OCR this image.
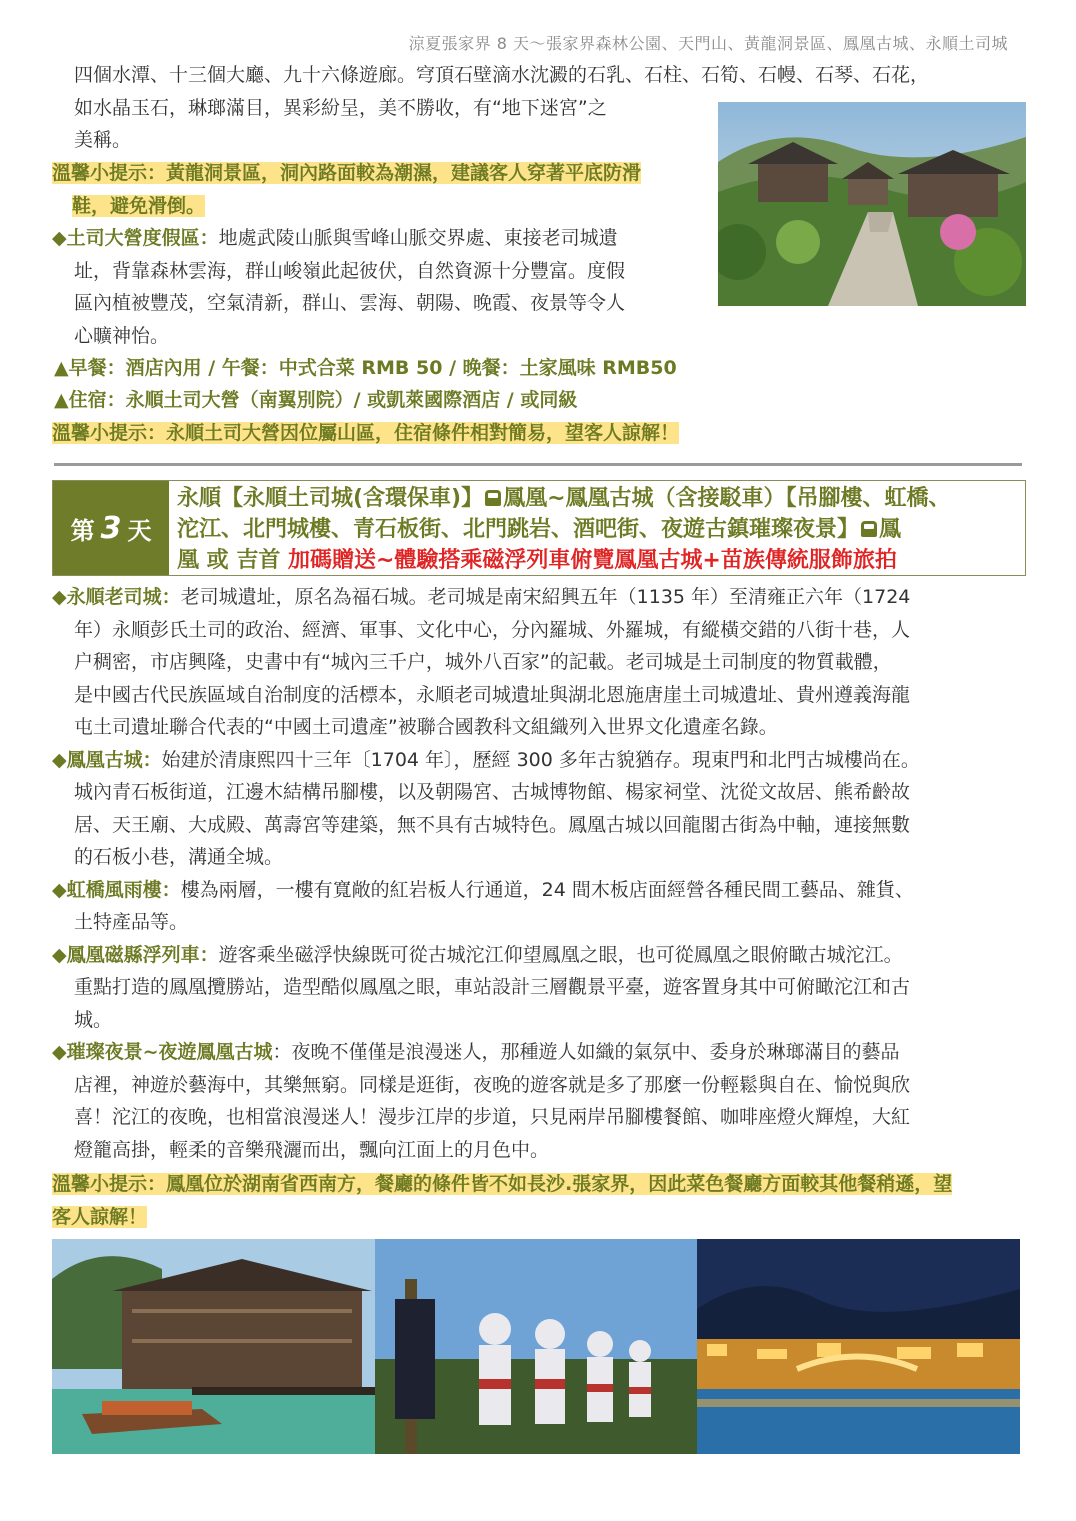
涼夏張家界 8 天～張家界森林公園、天門山、黃龍洞景區、鳳凰古城、永順土司城
四個水潭、十三個大廳、九十六條遊廊。穹頂石壁滴水沈澱的石乳、石柱、石筍、石幔、石琴、石花，
如水晶玉石，琳瑯滿目，異彩紛呈，美不勝收，有“地下迷宮”之
美稱。
溫馨小提示：黃龍洞景區，洞內路面較為潮濕，建議客人穿著平底防滑
鞋，避免滑倒。
◆土司大營度假區：地處武陵山脈與雪峰山脈交界處、東接老司城遺
址，背靠森林雲海，群山峻嶺此起彼伏，自然資源十分豐富。度假
區內植被豐茂，空氣清新，群山、雲海、朝陽、晚霞、夜景等令人
心曠神怡。
▲早餐：酒店內用 / 午餐：中式合菜 RMB 50 / 晚餐：土家風味 RMB50
▲住宿：永順土司大營（南翼別院）/ 或凱萊國際酒店 / 或同級
溫馨小提示：永順土司大營因位屬山區，住宿條件相對簡易，望客人諒解！
第 3 天
永順【永順土司城(含環保車)】 鳳凰~鳳凰古城（含接駁車）【吊腳樓、虹橋、
沱江、北門城樓、青石板街、北門跳岩、酒吧街、夜遊古鎮璀璨夜景】 鳳
凰 或 吉首 加碼贈送~體驗搭乘磁浮列車俯覽鳳凰古城+苗族傳統服飾旅拍
◆永順老司城：老司城遺址，原名為福石城。老司城是南宋紹興五年（1135 年）至清雍正六年（1724
年）永順彭氏土司的政治、經濟、軍事、文化中心，分內羅城、外羅城，有縱橫交錯的八街十巷，人
户稠密，市店興隆，史書中有“城內三千户，城外八百家”的記載。老司城是土司制度的物質載體，
是中國古代民族區域自治制度的活標本，永順老司城遺址與湖北恩施唐崖土司城遺址、貴州遵義海龍
屯土司遺址聯合代表的“中國土司遺產”被聯合國教科文組織列入世界文化遺產名錄。
◆鳳凰古城：始建於清康熙四十三年〔1704 年〕，歷經 300 多年古貌猶存。現東門和北門古城樓尚在。
城內青石板街道，江邊木結構吊腳樓，以及朝陽宮、古城博物館、楊家祠堂、沈從文故居、熊希齡故
居、天王廟、大成殿、萬壽宮等建築，無不具有古城特色。鳳凰古城以回龍閣古街為中軸，連接無數
的石板小巷，溝通全城。
◆虹橋風雨樓：樓為兩層，一樓有寬敞的紅岩板人行通道，24 間木板店面經營各種民間工藝品、雜貨、
土特產品等。
◆鳳凰磁縣浮列車：遊客乘坐磁浮快線既可從古城沱江仰望鳳凰之眼，也可從鳳凰之眼俯瞰古城沱江。
重點打造的鳳凰攬勝站，造型酷似鳳凰之眼，車站設計三層觀景平臺，遊客置身其中可俯瞰沱江和古
城。
◆璀璨夜景~夜遊鳳凰古城：夜晚不僅僅是浪漫迷人，那種遊人如織的氣氛中、委身於琳瑯滿目的藝品
店裡，神遊於藝海中，其樂無窮。同樣是逛街，夜晚的遊客就是多了那麼一份輕鬆與自在、愉悦與欣
喜！沱江的夜晚，也相當浪漫迷人！漫步江岸的步道，只見兩岸吊腳樓餐館、咖啡座燈火輝煌，大紅
燈籠高掛，輕柔的音樂飛灑而出，飄向江面上的月色中。
溫馨小提示：鳳凰位於湖南省西南方，餐廳的條件皆不如長沙.張家界，因此菜色餐廳方面較其他餐稍遜，望
客人諒解！
